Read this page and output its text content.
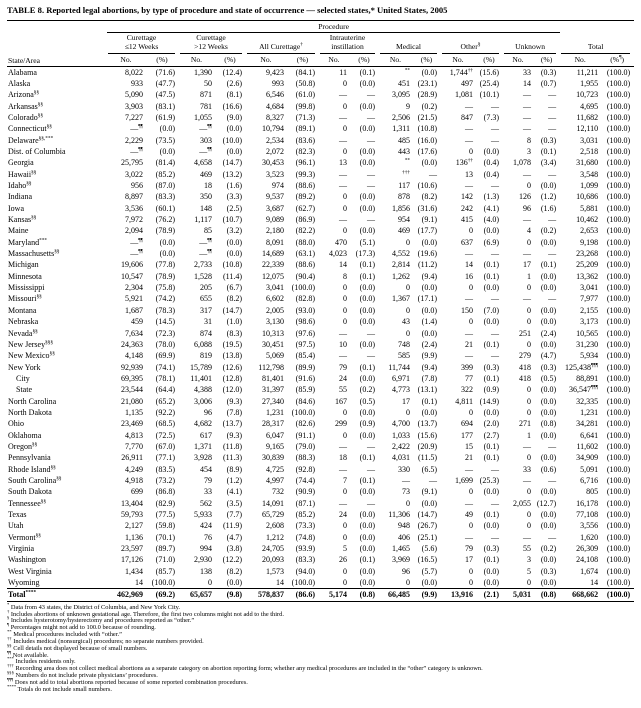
TABLE 8. Reported legal abortions, by type of procedure and state of occurrence — selected states,* United States, 2005
State/Area	Procedure															

	Curettage
≤12 Weeks		Curettage
>12 Weeks		All Curettage†		Intrauterine
instillation		Medical		Other§		Unknown		Total	

	No.	(%)	No.	(%)	No.	(%)	No.	(%)	No.	(%)	No.	(%)	No.	(%)	No.	(%¶)
Alabama	8,022	(71.6)	1,390	(12.4)	9,423	(84.1)	11	(0.1)	**	(0.0)	1,744††	(15.6)	33	(0.3)	11,211	(100.0)
Alaska	933	(47.7)	50	(2.6)	993	(50.8)	0	(0.0)	451	(23.1)	497	(25.4)	14	(0.7)	1,955	(100.0)
Arizona§§	5,090	(47.5)	871	(8.1)	6,546	(61.0)	—	—	3,095	(28.9)	1,081	(10.1)	—	—	10,723	(100.0)
Arkansas§§	3,903	(83.1)	781	(16.6)	4,684	(99.8)	0	(0.0)	9	(0.2)	—	—	—	—	4,695	(100.0)
Colorado§§	7,227	(61.9)	1,055	(9.0)	8,327	(71.3)	—	—	2,506	(21.5)	847	(7.3)	—	—	11,682	(100.0)
Connecticut§§	—¶¶	(0.0)	—¶¶	(0.0)	10,794	(89.1)	0	(0.0)	1,311	(10.8)	—	—	—	—	12,110	(100.0)
Delaware§§,***	2,229	(73.5)	303	(10.0)	2,534	(83.6)	—	—	485	(16.0)	—	—	8	(0.3)	3,031	(100.0)
Dist. of Columbia	—¶¶	(0.0)	—¶¶	(0.0)	2,072	(82.3)	0	(0.0)	443	(17.6)	0	(0.0)	3	(0.1)	2,518	(100.0)
Georgia	25,795	(81.4)	4,658	(14.7)	30,453	(96.1)	13	(0.0)	**	(0.0)	136††	(0.4)	1,078	(3.4)	31,680	(100.0)
Hawaii§§	3,022	(85.2)	469	(13.2)	3,523	(99.3)	—	—	†††	—	13	(0.4)	—	—	3,548	(100.0)
Idaho§§	956	(87.0)	18	(1.6)	974	(88.6)	—	—	117	(10.6)	—	—	0	(0.0)	1,099	(100.0)
Indiana	8,897	(83.3)	350	(3.3)	9,537	(89.2)	0	(0.0)	878	(8.2)	142	(1.3)	126	(1.2)	10,686	(100.0)
Iowa	3,536	(60.1)	148	(2.5)	3,687	(62.7)	0	(0.0)	1,856	(31.6)	242	(4.1)	96	(1.6)	5,881	(100.0)
Kansas§§	7,972	(76.2)	1,117	(10.7)	9,089	(86.9)	—	—	954	(9.1)	415	(4.0)	—	—	10,462	(100.0)
Maine	2,094	(78.9)	85	(3.2)	2,180	(82.2)	0	(0.0)	469	(17.7)	0	(0.0)	4	(0.2)	2,653	(100.0)
Maryland***	—¶¶	(0.0)	—¶¶	(0.0)	8,091	(88.0)	470	(5.1)	0	(0.0)	637	(6.9)	0	(0.0)	9,198	(100.0)
Massachusetts§§	—¶¶	(0.0)	—¶¶	(0.0)	14,689	(63.1)	4,023	(17.3)	4,552	(19.6)	—	—	—	—	23,268	(100.0)
Michigan	19,606	(77.8)	2,733	(10.8)	22,339	(88.6)	14	(0.1)	2,814	(11.2)	14	(0.1)	17	(0.1)	25,209	(100.0)
Minnesota	10,547	(78.9)	1,528	(11.4)	12,075	(90.4)	8	(0.1)	1,262	(9.4)	16	(0.1)	1	(0.0)	13,362	(100.0)
Mississippi	2,304	(75.8)	205	(6.7)	3,041	(100.0)	0	(0.0)	0	(0.0)	0	(0.0)	0	(0.0)	3,041	(100.0)
Missouri§§	5,921	(74.2)	655	(8.2)	6,602	(82.8)	0	(0.0)	1,367	(17.1)	—	—	—	—	7,977	(100.0)
Montana	1,687	(78.3)	317	(14.7)	2,005	(93.0)	0	(0.0)	0	(0.0)	150	(7.0)	0	(0.0)	2,155	(100.0)
Nebraska	459	(14.5)	31	(1.0)	3,130	(98.6)	0	(0.0)	43	(1.4)	0	(0.0)	0	(0.0)	3,173	(100.0)
Nevada§§	7,634	(72.3)	874	(8.3)	10,313	(97.6)	—	—	0	(0.0)	—	—	251	(2.4)	10,565	(100.0)
New Jersey§§§	24,363	(78.0)	6,088	(19.5)	30,451	(97.5)	10	(0.0)	748	(2.4)	21	(0.1)	0	(0.0)	31,230	(100.0)
New Mexico§§	4,148	(69.9)	819	(13.8)	5,069	(85.4)	—	—	585	(9.9)	—	—	279	(4.7)	5,934	(100.0)
New York	92,939	(74.1)	15,789	(12.6)	112,798	(89.9)	79	(0.1)	11,744	(9.4)	399	(0.3)	418	(0.3)	125,438¶¶¶	(100.0)
City	69,395	(78.1)	11,401	(12.8)	81,401	(91.6)	24	(0.0)	6,971	(7.8)	77	(0.1)	418	(0.5)	88,891	(100.0)
State	23,544	(64.4)	4,388	(12.0)	31,397	(85.9)	55	(0.2)	4,773	(13.1)	322	(0.9)	0	(0.0)	36,547¶¶¶	(100.0)
North Carolina	21,080	(65.2)	3,006	(9.3)	27,340	(84.6)	167	(0.5)	17	(0.1)	4,811	(14.9)	0	(0.0)	32,335	(100.0)
North Dakota	1,135	(92.2)	96	(7.8)	1,231	(100.0)	0	(0.0)	0	(0.0)	0	(0.0)	0	(0.0)	1,231	(100.0)
Ohio	23,469	(68.5)	4,682	(13.7)	28,317	(82.6)	299	(0.9)	4,700	(13.7)	694	(2.0)	271	(0.8)	34,281	(100.0)
Oklahoma	4,813	(72.5)	617	(9.3)	6,047	(91.1)	0	(0.0)	1,033	(15.6)	177	(2.7)	1	(0.0)	6,641	(100.0)
Oregon§§	7,770	(67.0)	1,371	(11.8)	9,165	(79.0)	—	—	2,422	(20.9)	15	(0.1)	—	—	11,602	(100.0)
Pennsylvania	26,911	(77.1)	3,928	(11.3)	30,839	(88.3)	18	(0.1)	4,031	(11.5)	21	(0.1)	0	(0.0)	34,909	(100.0)
Rhode Island§§	4,249	(83.5)	454	(8.9)	4,725	(92.8)	—	—	330	(6.5)	—	—	33	(0.6)	5,091	(100.0)
South Carolina§§	4,918	(73.2)	79	(1.2)	4,997	(74.4)	7	(0.1)	—	—	1,699	(25.3)	—	—	6,716	(100.0)
South Dakota	699	(86.8)	33	(4.1)	732	(90.9)	0	(0.0)	73	(9.1)	0	(0.0)	0	(0.0)	805	(100.0)
Tennessee§§	13,404	(82.9)	562	(3.5)	14,091	(87.1)	—	—	0	(0.0)	—	—	2,055	(12.7)	16,178	(100.0)
Texas	59,793	(77.5)	5,933	(7.7)	65,729	(85.2)	24	(0.0)	11,306	(14.7)	49	(0.1)	0	(0.0)	77,108	(100.0)
Utah	2,127	(59.8)	424	(11.9)	2,608	(73.3)	0	(0.0)	948	(26.7)	0	(0.0)	0	(0.0)	3,556	(100.0)
Vermont§§	1,136	(70.1)	76	(4.7)	1,212	(74.8)	0	(0.0)	406	(25.1)	—	—	—	—	1,620	(100.0)
Virginia	23,597	(89.7)	994	(3.8)	24,705	(93.9)	5	(0.0)	1,465	(5.6)	79	(0.3)	55	(0.2)	26,309	(100.0)
Washington	17,126	(71.0)	2,930	(12.2)	20,093	(83.3)	26	(0.1)	3,969	(16.5)	17	(0.1)	3	(0.0)	24,108	(100.0)
West Virginia	1,434	(85.7)	138	(8.2)	1,573	(94.0)	0	(0.0)	96	(5.7)	0	(0.0)	5	(0.3)	1,674	(100.0)
Wyoming	14	(100.0)	0	(0.0)	14	(100.0)	0	(0.0)	0	(0.0)	0	(0.0)	0	(0.0)	14	(100.0)
Total****	462,969	(69.2)	65,657	(9.8)	578,837	(86.6)	5,174	(0.8)	66,485	(9.9)	13,916	(2.1)	5,031	(0.8)	668,662	(100.0)
* Data from 43 states, the District of Columbia, and New York City.
† Includes abortions of unknown gestational age. Therefore, the first two columns might not add to the third.
§ Includes hysterotomy/hysterectomy and procedures reported as “other.”
¶ Percentages might not add to 100.0 because of rounding.
** Medical procedures included with “other.”
†† Includes medical (nonsurgical) procedures; no separate numbers provided.
§§ Cell details not displayed because of small numbers.
¶¶ Not available.
*** Includes residents only.
††† Recording area does not collect medical abortions as a separate category on abortion reporting form; whether any medical procedures are included in the “other” category is unknown.
§§§ Numbers do not include private physicians’ procedures.
¶¶¶ Does not add to total abortions reported because of some reported combination procedures.
**** Totals do not include small numbers.
